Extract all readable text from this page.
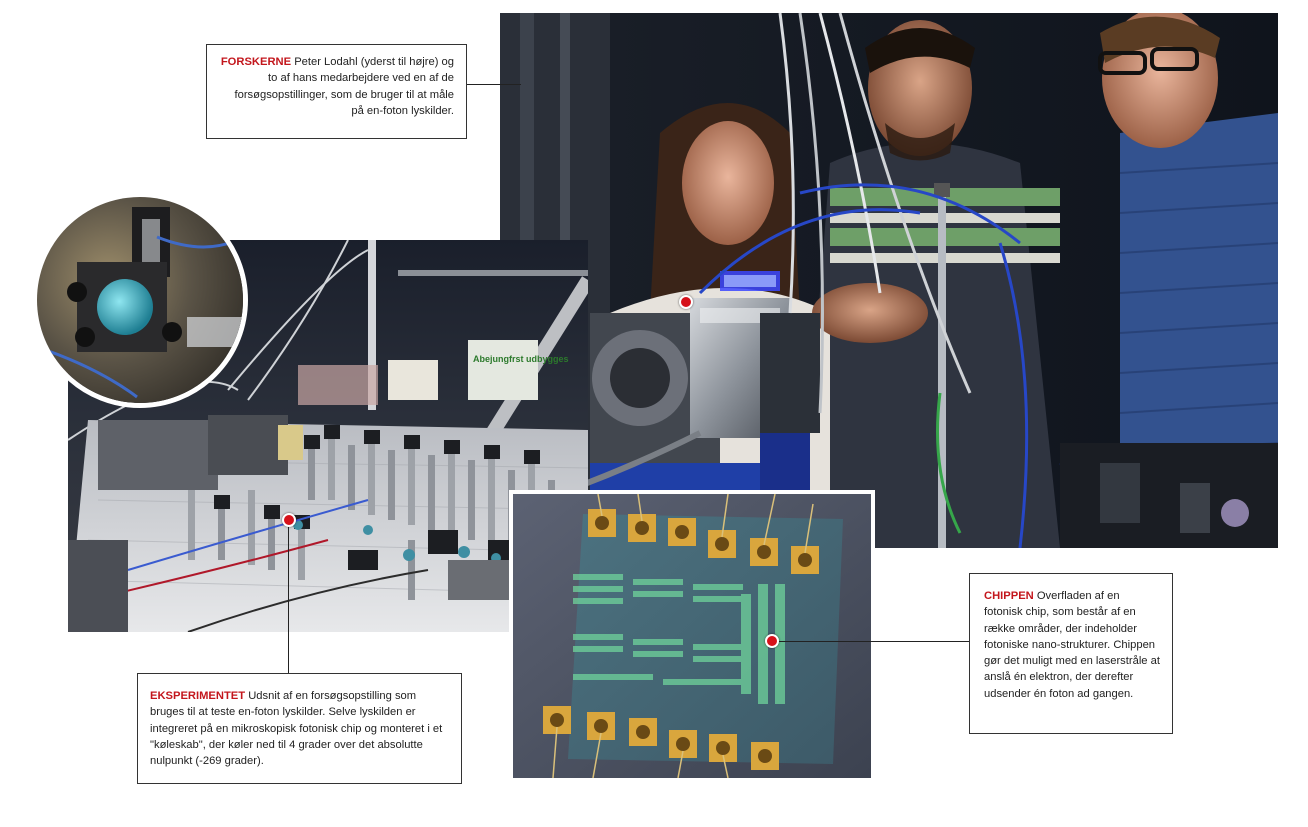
Abejungfrst udbygges
FORSKERNE Peter Lodahl (yderst til højre) og to af hans medarbejdere ved en af de forsøgsopstillinger, som de bruger til at måle på en-foton lyskilder.
EKSPERIMENTET Udsnit af en forsøgsopstilling som bruges til at teste en-foton lyskilder. Selve lyskilden er integreret på en mikroskopisk fotonisk chip og monteret i et "køleskab", der køler ned til 4 grader over det absolutte nulpunkt (-269 grader).
CHIPPEN Overfladen af en fotonisk chip, som består af en række områder, der indeholder fotoniske nano-strukturer. Chippen gør det muligt med en laserstråle at anslå én elektron, der derefter udsender én foton ad gangen.
